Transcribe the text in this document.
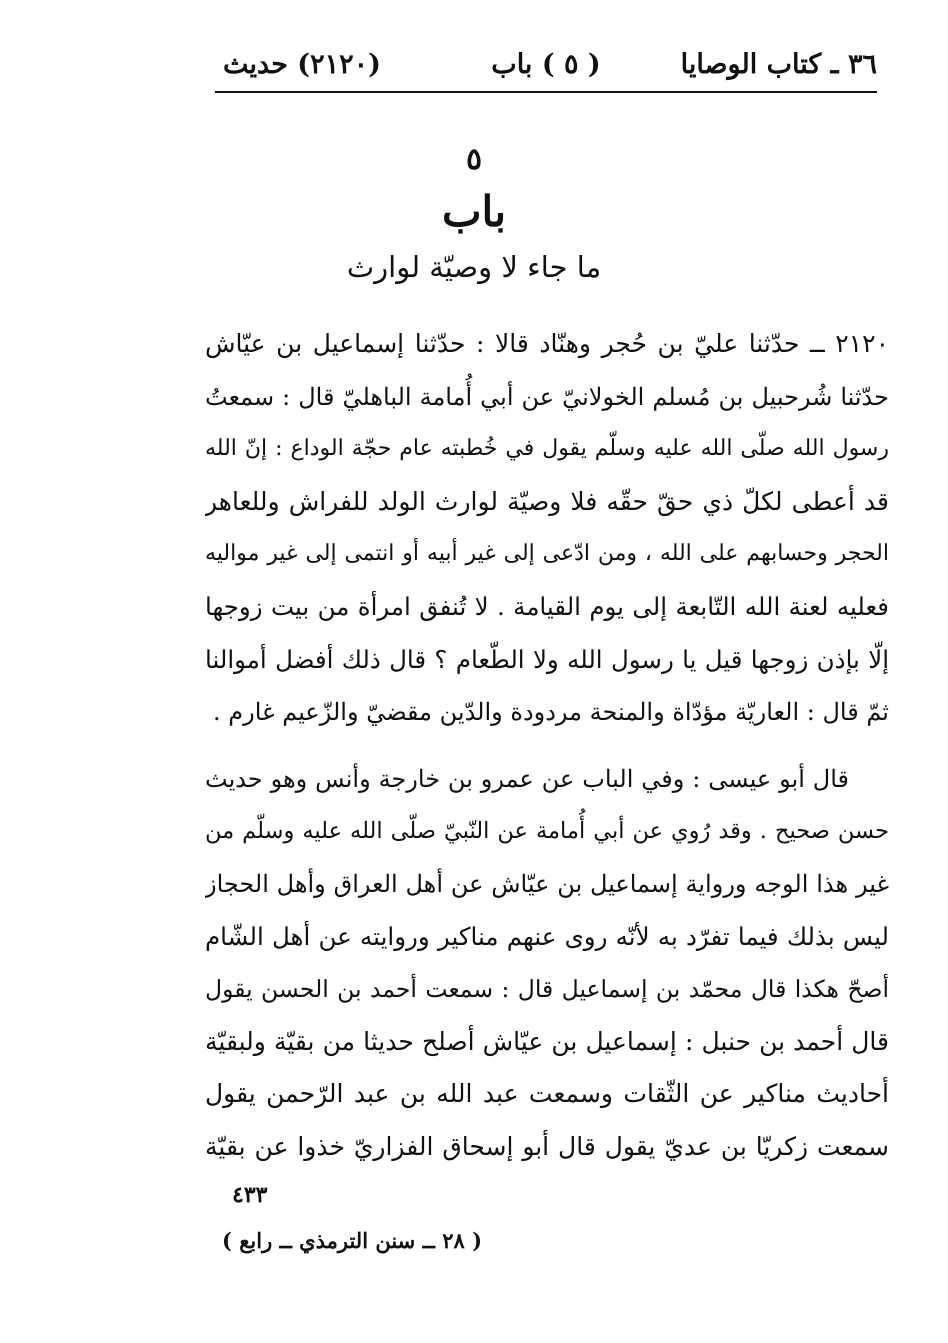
٣٦ ـ كتاب الوصايا
( ٥ ) باب
(٢١٢٠) حديث
٥
باب
ما جاء لا وصيّة لوارث
٢١٢٠ ــ حدّثنا عليّ بن حُجر وهنّاد قالا : حدّثنا إسماعيل بن عيّاش
حدّثنا شُرحبيل بن مُسلم الخولانيّ عن أبي أُمامة الباهليّ قال : سمعتُ
رسول الله صلّى الله عليه وسلّم يقول في خُطبته عام حجّة الوداع : إنّ الله
قد أعطى لكلّ ذي حقّ حقّه فلا وصيّة لوارث الولد للفراش وللعاهر
الحجر وحسابهم على الله ، ومن ادّعى إلى غير أبيه أو انتمى إلى غير مواليه
فعليه لعنة الله التّابعة إلى يوم القيامة . لا تُنفق امرأة من بيت زوجها
إلّا بإذن زوجها قيل يا رسول الله ولا الطّعام ؟ قال ذلك أفضل أموالنا
ثمّ قال : العاريّة مؤدّاة والمنحة مردودة والدّين مقضيّ والزّعيم غارم .
قال أبو عيسى : وفي الباب عن عمرو بن خارجة وأنس وهو حديث
حسن صحيح . وقد رُوي عن أبي أُمامة عن النّبيّ صلّى الله عليه وسلّم من
غير هذا الوجه ورواية إسماعيل بن عيّاش عن أهل العراق وأهل الحجاز
ليس بذلك فيما تفرّد به لأنّه روى عنهم مناكير وروايته عن أهل الشّام
أصحّ هكذا قال محمّد بن إسماعيل قال : سمعت أحمد بن الحسن يقول
قال أحمد بن حنبل : إسماعيل بن عيّاش أصلح حديثا من بقيّة ولبقيّة
أحاديث مناكير عن الثّقات وسمعت عبد الله بن عبد الرّحمن يقول
سمعت زكريّا بن عديّ يقول قال أبو إسحاق الفزاريّ خذوا عن بقيّة
٤٣٣
( ٢٨ ــ سنن الترمذي ــ رابع )
